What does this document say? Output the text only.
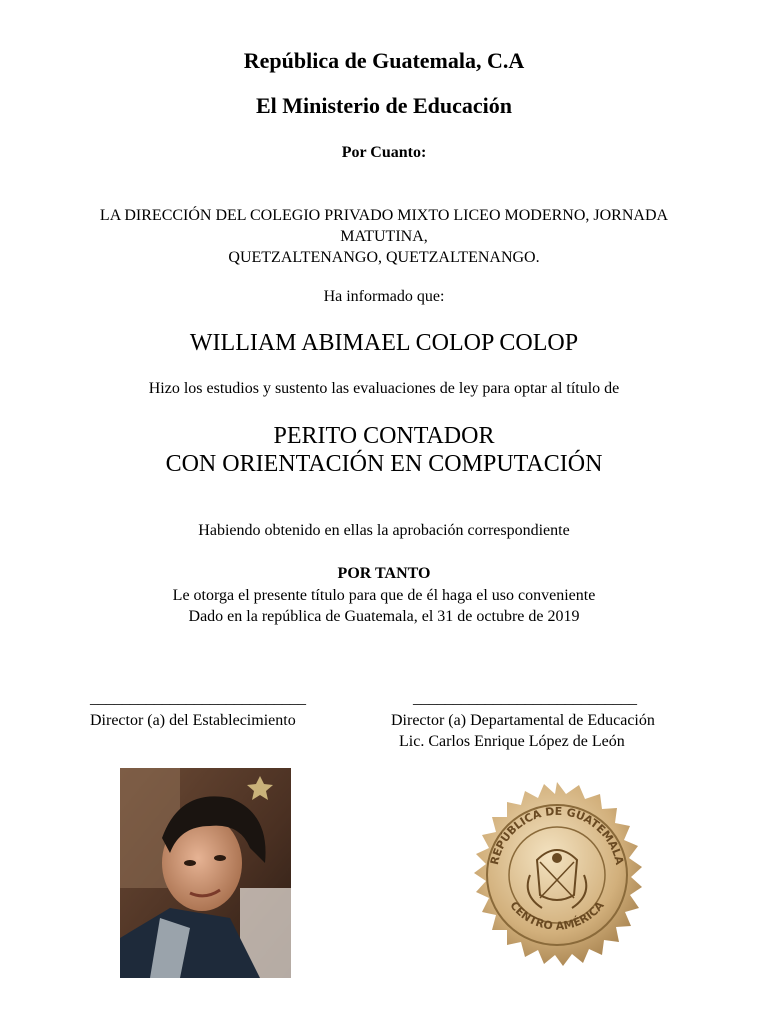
República de Guatemala, C.A
El Ministerio de Educación
Por Cuanto:
LA DIRECCIÓN DEL COLEGIO PRIVADO MIXTO LICEO MODERNO, JORNADA
MATUTINA,
QUETZALTENANGO, QUETZALTENANGO.
Ha informado que:
WILLIAM ABIMAEL COLOP COLOP
Hizo los estudios y sustento las evaluaciones de ley para optar al título de
PERITO CONTADOR
CON ORIENTACIÓN EN COMPUTACIÓN
Habiendo obtenido en ellas la aprobación correspondiente
POR TANTO
Le otorga el presente título para que de él haga el uso conveniente
Dado en la república de Guatemala, el 31 de octubre de 2019
___________________________	____________________________
Director (a) del Establecimiento	Director (a) Departamental de Educación
Lic. Carlos Enrique López de León
REPÚBLICA DE GUATEMALA
CENTRO AMÉRICA
